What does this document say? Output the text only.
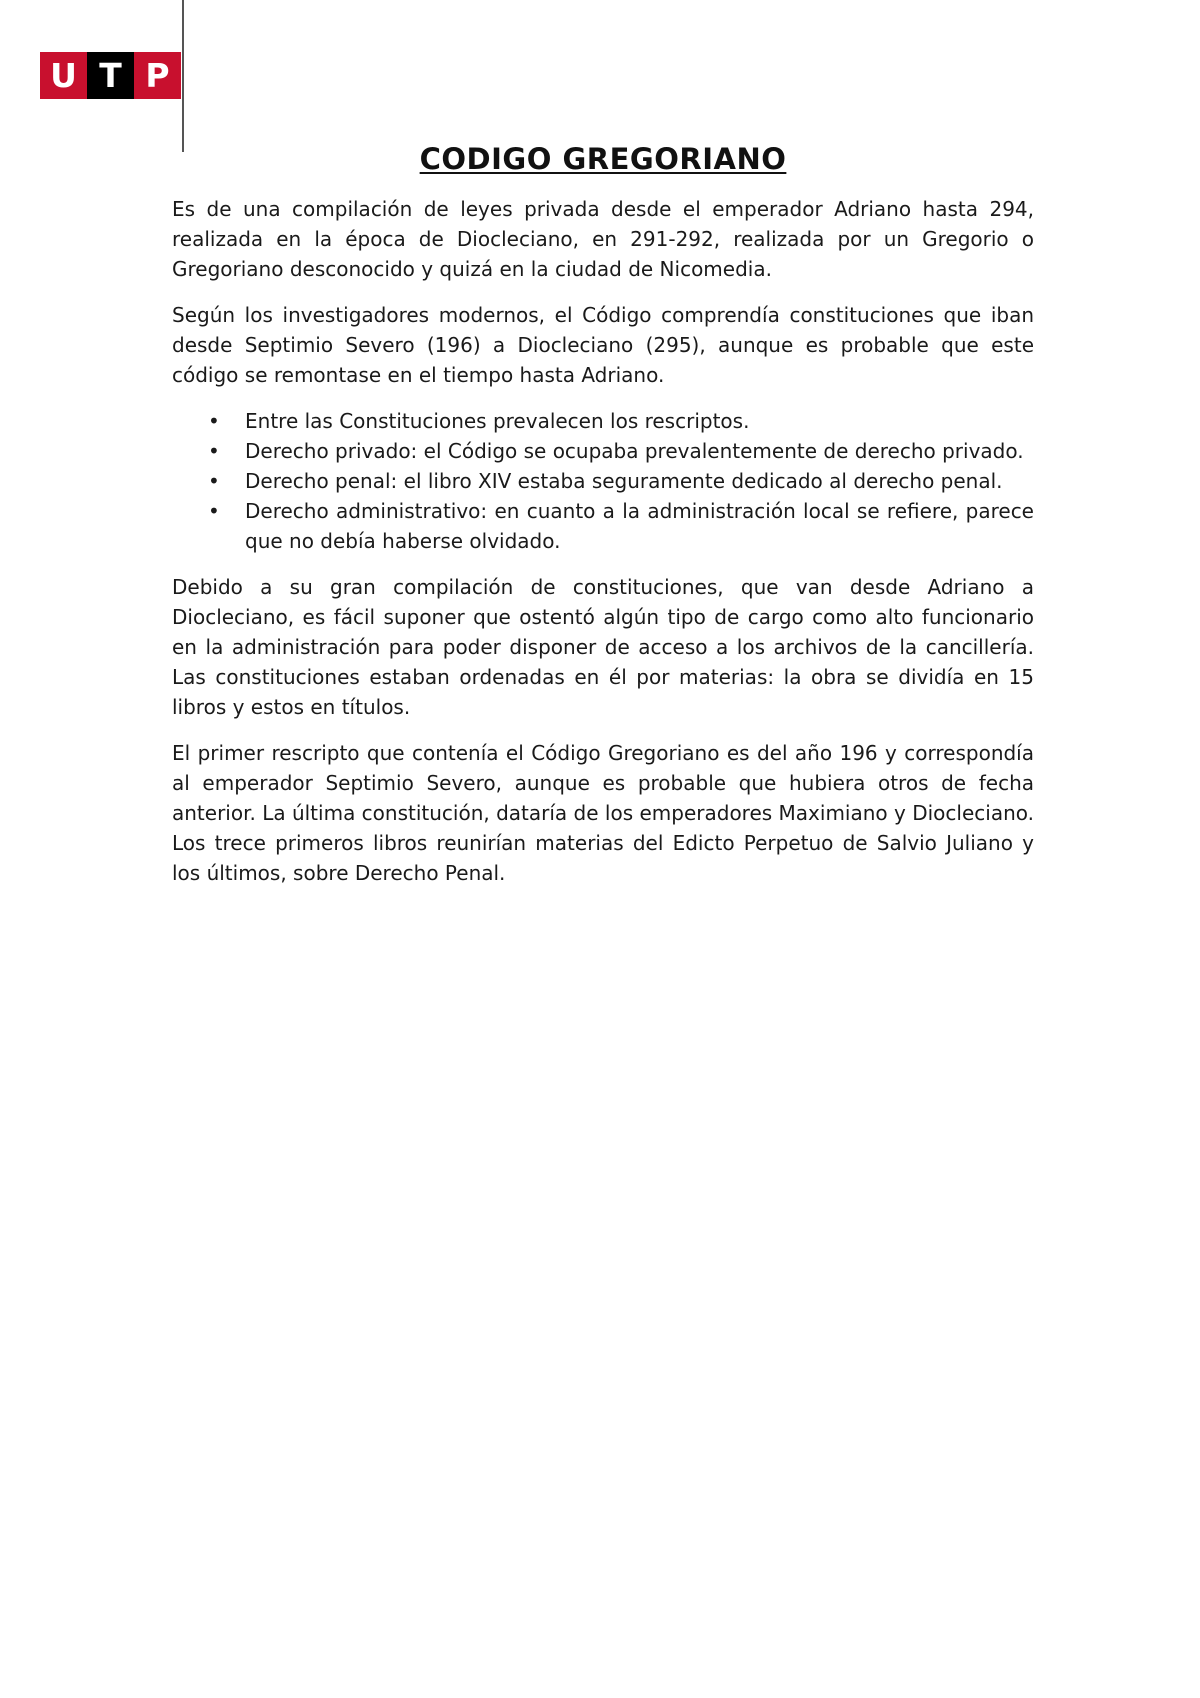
U T P
CODIGO GREGORIANO

Es de una compilación de leyes privada desde el emperador Adriano hasta 294, realizada en la época de Diocleciano, en 291-292, realizada por un Gregorio o Gregoriano desconocido y quizá en la ciudad de Nicomedia.

Según los investigadores modernos, el Código comprendía constituciones que iban desde Septimio Severo (196) a Diocleciano (295), aunque es probable que este código se remontase en el tiempo hasta Adriano.

• Entre las Constituciones prevalecen los rescriptos.
• Derecho privado: el Código se ocupaba prevalentemente de derecho privado.
• Derecho penal: el libro XIV estaba seguramente dedicado al derecho penal.
• Derecho administrativo: en cuanto a la administración local se refiere, parece que no debía haberse olvidado.

Debido a su gran compilación de constituciones, que van desde Adriano a Diocleciano, es fácil suponer que ostentó algún tipo de cargo como alto funcionario en la administración para poder disponer de acceso a los archivos de la cancillería. Las constituciones estaban ordenadas en él por materias: la obra se dividía en 15 libros y estos en títulos.

El primer rescripto que contenía el Código Gregoriano es del año 196 y correspondía al emperador Septimio Severo, aunque es probable que hubiera otros de fecha anterior. La última constitución, dataría de los emperadores Maximiano y Diocleciano. Los trece primeros libros reunirían materias del Edicto Perpetuo de Salvio Juliano y los últimos, sobre Derecho Penal.
